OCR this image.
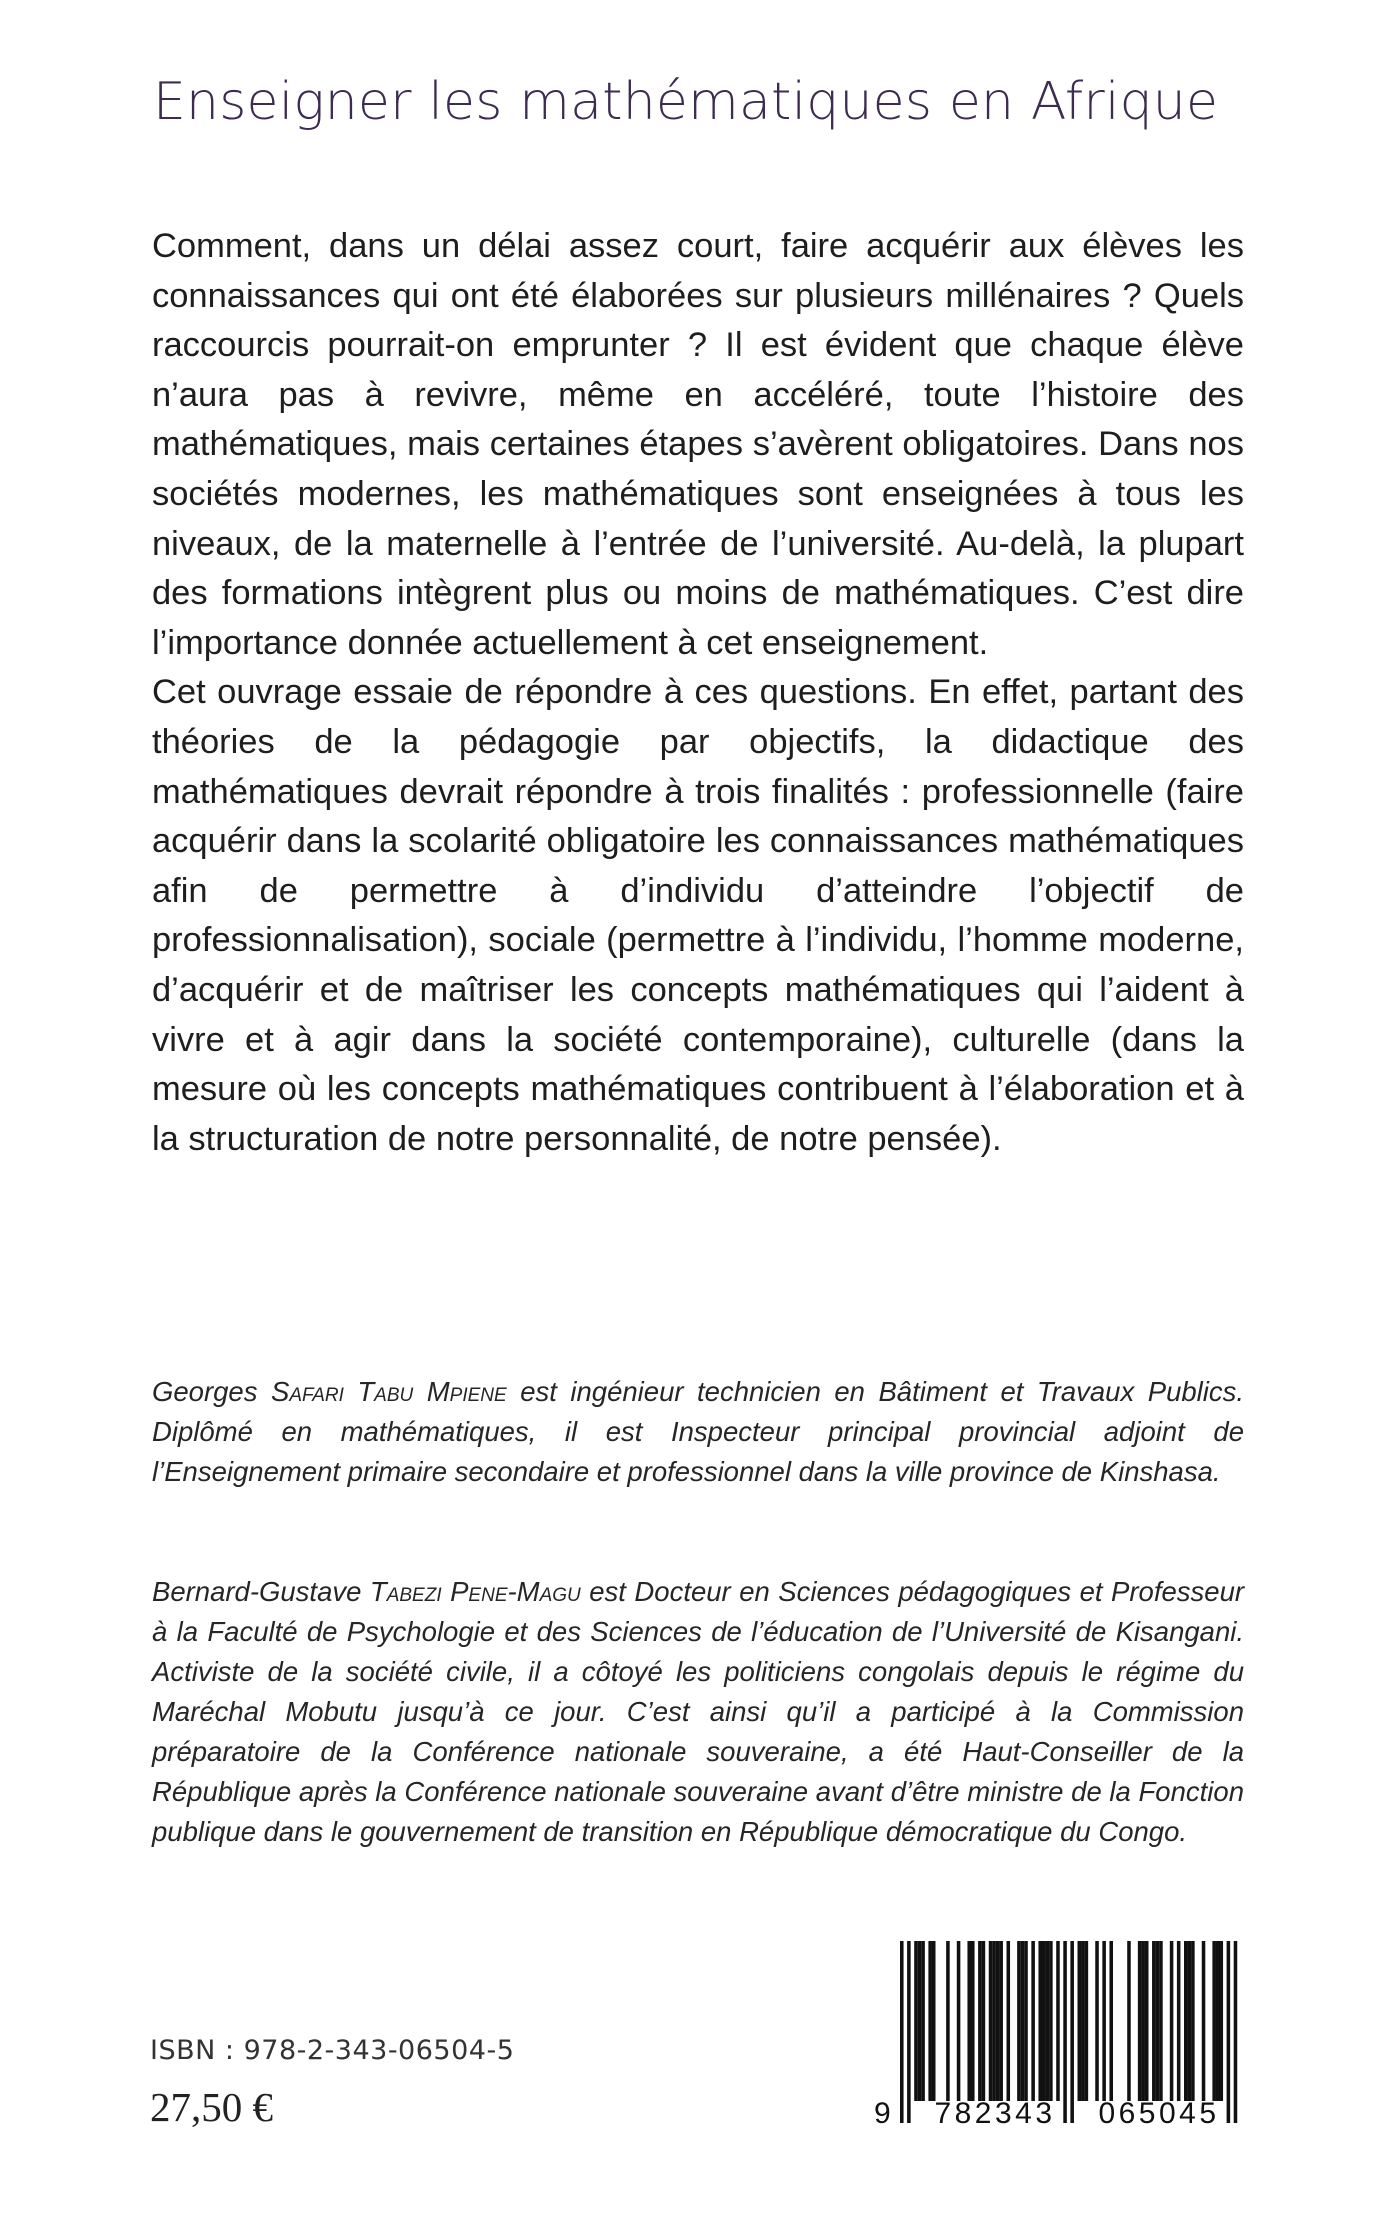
Enseigner les mathématiques en Afrique

Comment, dans un délai assez court, faire acquérir aux élèves les connaissances qui ont été élaborées sur plusieurs millénaires ? Quels raccourcis pourrait-on emprunter ? Il est évident que chaque élève n’aura pas à revivre, même en accéléré, toute l’histoire des mathématiques, mais certaines étapes s’avèrent obligatoires. Dans nos sociétés modernes, les mathématiques sont enseignées à tous les niveaux, de la maternelle à l’entrée de l’université. Au-delà, la plupart des formations intègrent plus ou moins de mathématiques. C’est dire l’importance donnée actuellement à cet enseignement.

Cet ouvrage essaie de répondre à ces questions. En effet, partant des théories de la pédagogie par objectifs, la didactique des mathématiques devrait répondre à trois finalités : professionnelle (faire acquérir dans la scolarité obligatoire les connaissances mathématiques afin de permettre à d’individu d’atteindre l’objectif de professionnalisation), sociale (permettre à l’individu, l’homme moderne, d’acquérir et de maîtriser les concepts mathématiques qui l’aident à vivre et à agir dans la société contemporaine), culturelle (dans la mesure où les concepts mathématiques contribuent à l’élaboration et à la structuration de notre personnalité, de notre pensée).

Georges Safari Tabu Mpiene est ingénieur technicien en Bâtiment et Travaux Publics. Diplômé en mathématiques, il est Inspecteur principal provincial adjoint de l’Enseignement primaire secondaire et professionnel dans la ville province de Kinshasa.

Bernard-Gustave Tabezi Pene-Magu est Docteur en Sciences pédagogiques et Professeur à la Faculté de Psychologie et des Sciences de l’éducation de l’Université de Kisangani. Activiste de la société civile, il a côtoyé les politiciens congolais depuis le régime du Maréchal Mobutu jusqu’à ce jour. C’est ainsi qu’il a participé à la Commission préparatoire de la Conférence nationale souveraine, a été Haut-Conseiller de la République après la Conférence nationale souveraine avant d’être ministre de la Fonction publique dans le gouvernement de transition en République démocratique du Congo.

ISBN : 978-2-343-06504-5
27,50 €	9	782343	065045
